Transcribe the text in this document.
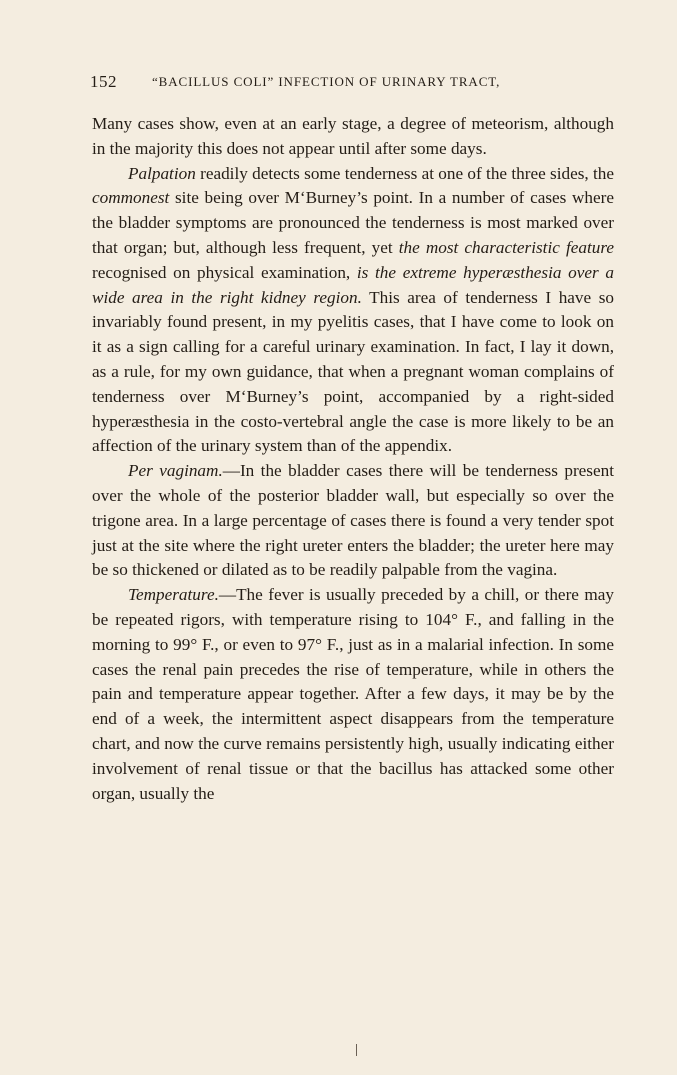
152	“BACILLUS COLI” INFECTION OF URINARY TRACT,

Many cases show, even at an early stage, a degree of meteorism, although in the majority this does not appear until after some days.

Palpation readily detects some tenderness at one of the three sides, the commonest site being over M‘Burney’s point. In a number of cases where the bladder symptoms are pronounced the tenderness is most marked over that organ; but, although less frequent, yet the most characteristic feature recognised on physical examination, is the extreme hyperæsthesia over a wide area in the right kidney region. This area of tenderness I have so invariably found present, in my pyelitis cases, that I have come to look on it as a sign calling for a careful urinary examination. In fact, I lay it down, as a rule, for my own guidance, that when a pregnant woman complains of tenderness over M‘Burney’s point, accompanied by a right-sided hyperæsthesia in the costo-vertebral angle the case is more likely to be an affection of the urinary system than of the appendix.

Per vaginam.—In the bladder cases there will be tenderness present over the whole of the posterior bladder wall, but especially so over the trigone area. In a large percentage of cases there is found a very tender spot just at the site where the right ureter enters the bladder; the ureter here may be so thickened or dilated as to be readily palpable from the vagina.

Temperature.—The fever is usually preceded by a chill, or there may be repeated rigors, with temperature rising to 104° F., and falling in the morning to 99° F., or even to 97° F., just as in a malarial infection. In some cases the renal pain precedes the rise of temperature, while in others the pain and temperature appear together. After a few days, it may be by the end of a week, the intermittent aspect disappears from the temperature chart, and now the curve remains persistently high, usually indicating either involvement of renal tissue or that the bacillus has attacked some other organ, usually the
